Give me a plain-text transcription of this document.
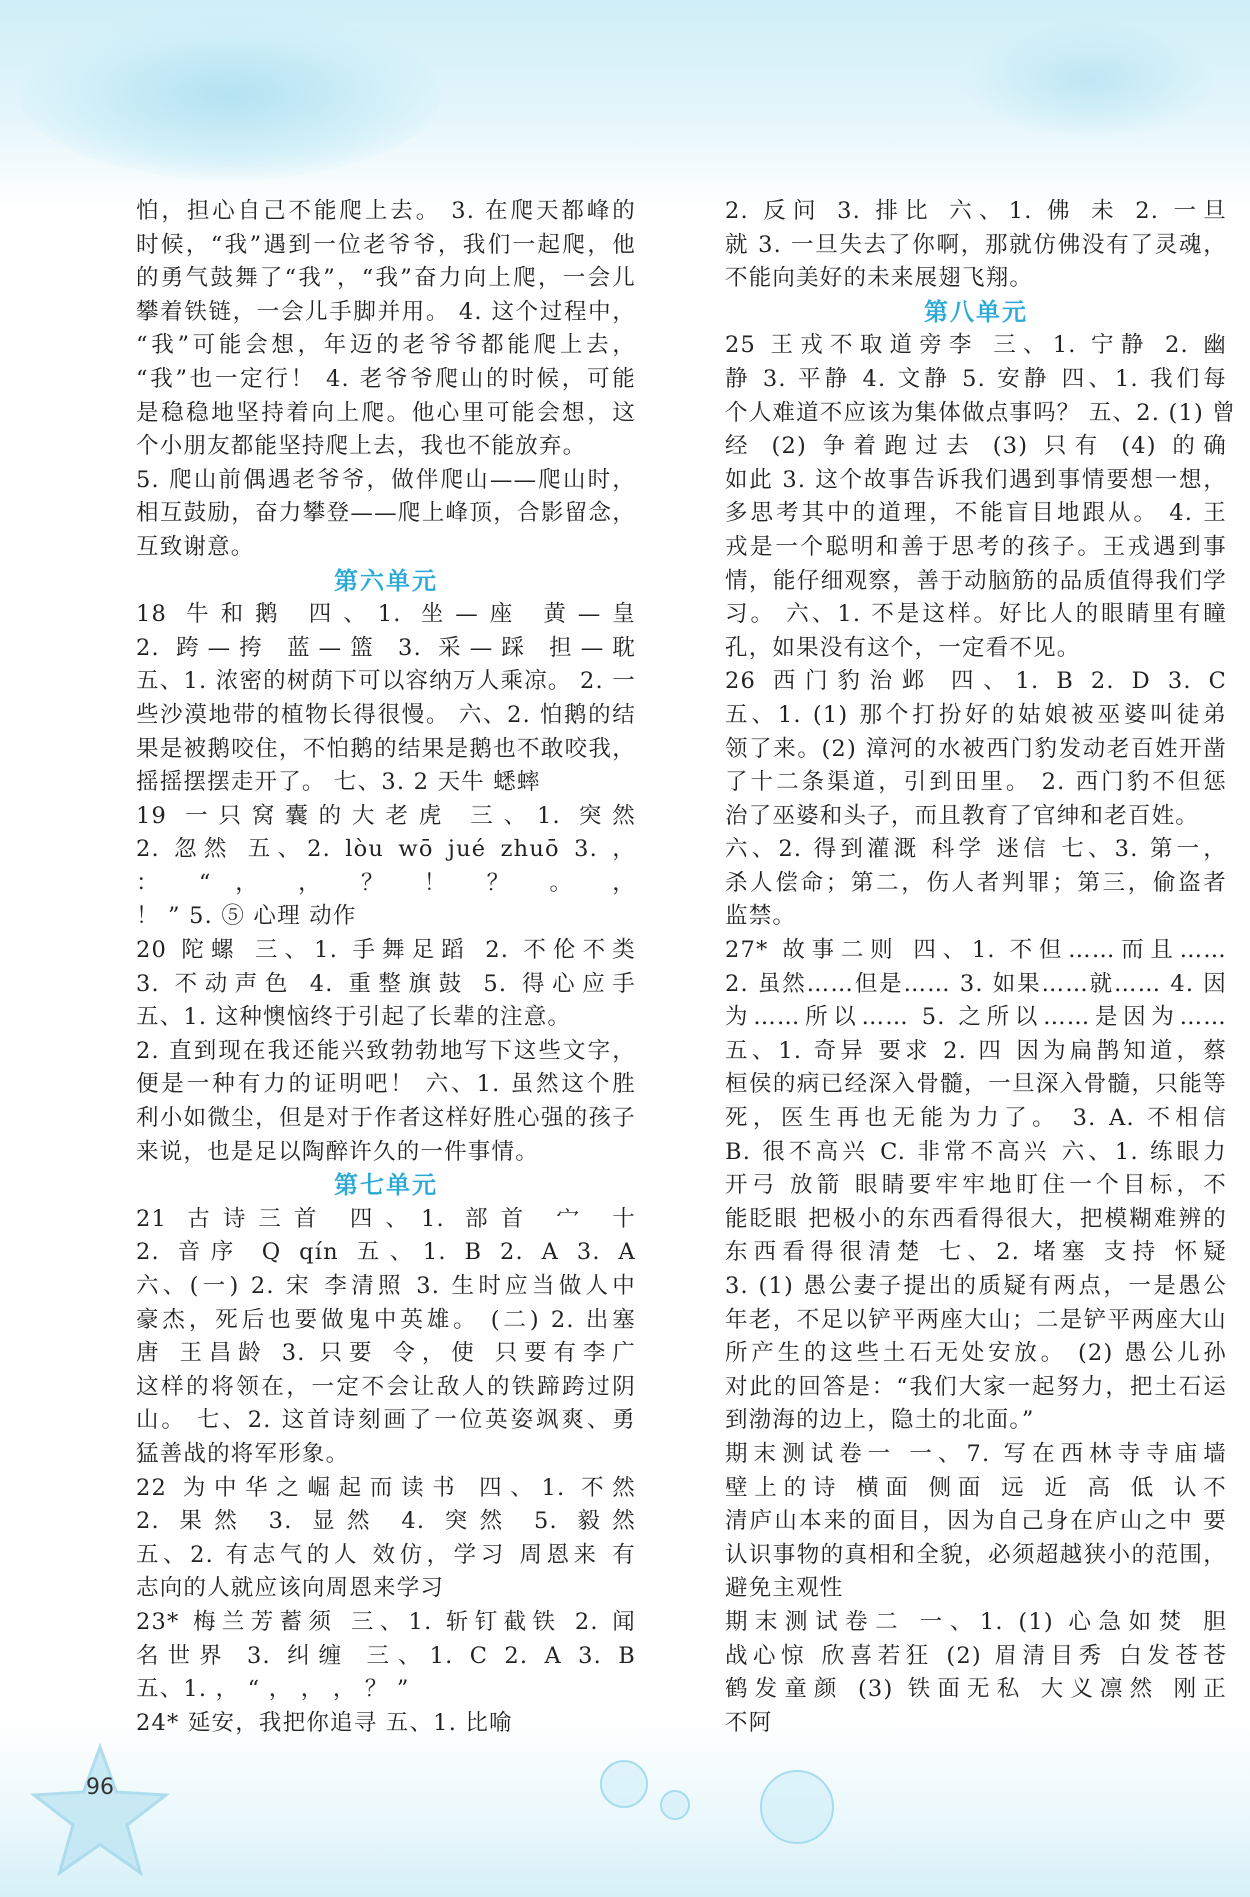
怕，担心自己不能爬上去。 3. 在爬天都峰的

时候，“我”遇到一位老爷爷，我们一起爬，他

的勇气鼓舞了“我”，“我”奋力向上爬，一会儿

攀着铁链，一会儿手脚并用。 4. 这个过程中，

“我”可能会想，年迈的老爷爷都能爬上去，

“我”也一定行！ 4. 老爷爷爬山的时候，可能

是稳稳地坚持着向上爬。他心里可能会想，这

个小朋友都能坚持爬上去，我也不能放弃。

5. 爬山前偶遇老爷爷，做伴爬山——爬山时，

相互鼓励，奋力攀登——爬上峰顶，合影留念，

互致谢意。

第六单元

18 牛和鹅 四、1. 坐—座 黄—皇

2. 跨—挎 蓝—篮 3. 采—踩 担—耽

五、1. 浓密的树荫下可以容纳万人乘凉。 2. 一

些沙漠地带的植物长得很慢。 六、2. 怕鹅的结

果是被鹅咬住，不怕鹅的结果是鹅也不敢咬我，

摇摇摆摆走开了。 七、3. 2 天牛 蟋蟀

19 一只窝囊的大老虎 三、1. 突然

2. 忽然 五、2. lòu wō jué zhuō 3. ，

： “ ， ， ？ ！ ？ 。 ，

！ ” 5. ⑤ 心理 动作

20 陀螺 三、1. 手舞足蹈 2. 不伦不类

3. 不动声色 4. 重整旗鼓 5. 得心应手

五、1. 这种懊恼终于引起了长辈的注意。

2. 直到现在我还能兴致勃勃地写下这些文字，

便是一种有力的证明吧！ 六、1. 虽然这个胜

利小如微尘，但是对于作者这样好胜心强的孩子

来说，也是足以陶醉许久的一件事情。

第七单元

21 古诗三首 四、1. 部首 宀 十

2. 音序 Q qín 五、1. B 2. A 3. A

六、(一) 2. 宋 李清照 3. 生时应当做人中

豪杰，死后也要做鬼中英雄。 (二) 2. 出塞

唐 王昌龄 3. 只要 令，使 只要有李广

这样的将领在，一定不会让敌人的铁蹄跨过阴

山。 七、2. 这首诗刻画了一位英姿飒爽、勇

猛善战的将军形象。

22 为中华之崛起而读书 四、1. 不然

2. 果然 3. 显然 4. 突然 5. 毅然

五、2. 有志气的人 效仿，学习 周恩来 有

志向的人就应该向周恩来学习

23* 梅兰芳蓄须 三、1. 斩钉截铁 2. 闻

名世界 3. 纠缠 三、1. C 2. A 3. B

五、1. ， “ ， ， ， ？ ”

24* 延安，我把你追寻 五、1. 比喻

2. 反问 3. 排比 六、1. 佛 未 2. 一旦

就 3. 一旦失去了你啊，那就仿佛没有了灵魂，

不能向美好的未来展翅飞翔。

第八单元

25 王戎不取道旁李 三、1. 宁静 2. 幽

静 3. 平静 4. 文静 5. 安静 四、1. 我们每

个人难道不应该为集体做点事吗？ 五、2. (1) 曾

经 (2) 争着跑过去 (3) 只有 (4) 的确

如此 3. 这个故事告诉我们遇到事情要想一想，

多思考其中的道理，不能盲目地跟从。 4. 王

戎是一个聪明和善于思考的孩子。王戎遇到事

情，能仔细观察，善于动脑筋的品质值得我们学

习。 六、1. 不是这样。好比人的眼睛里有瞳

孔，如果没有这个，一定看不见。

26 西门豹治邺 四、1. B 2. D 3. C

五、1. (1) 那个打扮好的姑娘被巫婆叫徒弟

领了来。(2) 漳河的水被西门豹发动老百姓开凿

了十二条渠道，引到田里。 2. 西门豹不但惩

治了巫婆和头子，而且教育了官绅和老百姓。

六、2. 得到灌溉 科学 迷信 七、3. 第一，

杀人偿命；第二，伤人者判罪；第三，偷盗者

监禁。

27* 故事二则 四、1. 不但……而且……

2. 虽然……但是…… 3. 如果……就…… 4. 因

为……所以…… 5. 之所以……是因为……

五、1. 奇异 要求 2. 四 因为扁鹊知道，蔡

桓侯的病已经深入骨髓，一旦深入骨髓，只能等

死，医生再也无能为力了。 3. A. 不相信

B. 很不高兴 C. 非常不高兴 六、1. 练眼力

开弓 放箭 眼睛要牢牢地盯住一个目标，不

能眨眼 把极小的东西看得很大，把模糊难辨的

东西看得很清楚 七、2. 堵塞 支持 怀疑

3. (1) 愚公妻子提出的质疑有两点，一是愚公

年老，不足以铲平两座大山；二是铲平两座大山

所产生的这些土石无处安放。 (2) 愚公儿孙

对此的回答是：“我们大家一起努力，把土石运

到渤海的边上，隐土的北面。”

期末测试卷一 一、7. 写在西林寺寺庙墙

壁上的诗 横面 侧面 远 近 高 低 认不

清庐山本来的面目，因为自己身在庐山之中 要

认识事物的真相和全貌，必须超越狭小的范围，

避免主观性

期末测试卷二 一、1. (1) 心急如焚 胆

战心惊 欣喜若狂 (2) 眉清目秀 白发苍苍

鹤发童颜 (3) 铁面无私 大义凛然 刚正

不阿

96
